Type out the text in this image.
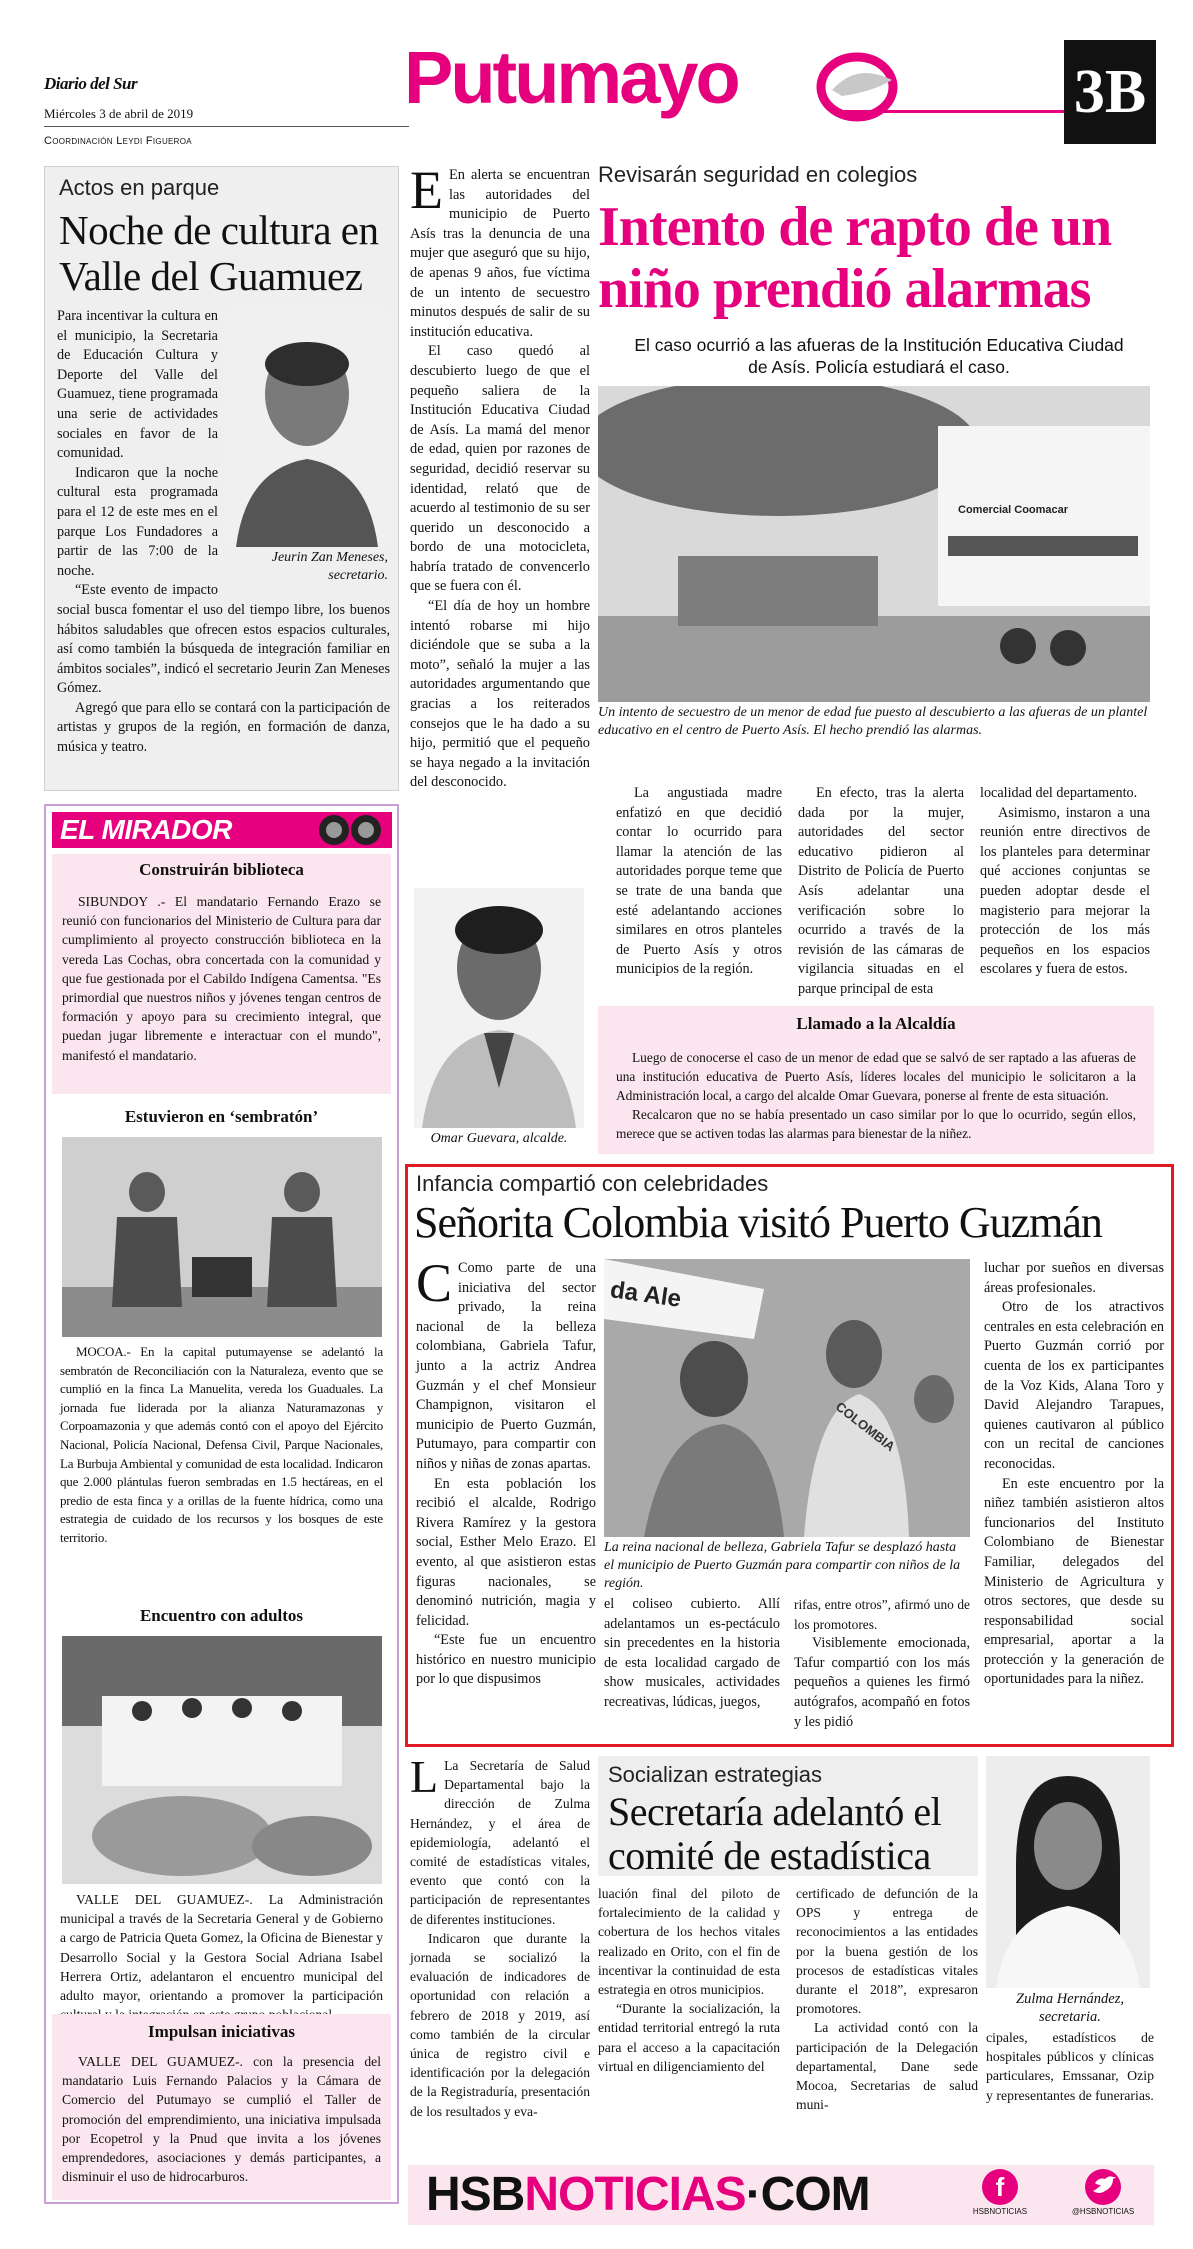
Diario del Sur
Miércoles 3 de abril de 2019
Coordinación Leydi Figueroa
Putumayo	3B
Actos en parque
Noche de cultura en Valle del Guamuez
Jeurin Zan Meneses, secretario.

Para incentivar la cultura en el municipio, la Secretaria de Educación Cultura y Deporte del Valle del Guamuez, tiene programada una serie de actividades sociales en favor de la comunidad.

Indicaron que la noche cultural esta programada para el 12 de este mes en el parque Los Fundadores a partir de las 7:00 de la noche.

“Este evento de impacto social busca fomentar el uso del tiempo libre, los buenos hábitos saludables que ofrecen estos espacios culturales, así como también la búsqueda de integración familiar en ámbitos sociales”, indicó el secretario Jeurin Zan Meneses Gómez.

Agregó que para ello se contará con la participación de artistas y grupos de la región, en formación de danza, música y teatro.

EL MIRADOR
Construirán biblioteca
SIBUNDOY .- El mandatario Fernando Erazo se reunió con funcionarios del Ministerio de Cultura para dar cumplimiento al proyecto construcción biblioteca en la vereda Las Cochas, obra concertada con la comunidad y que fue gestionada por el Cabildo Indígena Camentsa. "Es primordial que nuestros niños y jóvenes tengan centros de formación y apoyo para su crecimiento integral, que puedan jugar libremente e interactuar con el mundo", manifestó el mandatario.
Estuvieron en ‘sembratón’
MOCOA.- En la capital putumayense se adelantó la sembratón de Reconciliación con la Naturaleza, evento que se cumplió en la finca La Manuelita, vereda los Guaduales. La jornada fue liderada por la alianza Naturamazonas y Corpoamazonia y que además contó con el apoyo del Ejército Nacional, Policía Nacional, Defensa Civil, Parque Nacionales, La Burbuja Ambiental y comunidad de esta localidad. Indicaron que 2.000 plántulas fueron sembradas en 1.5 hectáreas, en el predio de esta finca y a orillas de la fuente hídrica, como una estrategia de cuidado de los recursos y los bosques de este territorio.
Encuentro con adultos
VALLE DEL GUAMUEZ-. La Administración municipal a través de la Secretaria General y de Gobierno a cargo de Patricia Queta Gomez, la Oficina de Bienestar y Desarrollo Social y la Gestora Social Adriana Isabel Herrera Ortiz, adelantaron el encuentro municipal del adulto mayor, orientando a promover la participación
Impulsan iniciativas
VALLE DEL GUAMUEZ-. con la presencia del mandatario Luis Fernando Palacios y la Cámara de Comercio del Putumayo se cumplió el Taller de promoción del emprendimiento, una iniciativa impulsada por Ecopetrol y la Pnud que invita a los jóvenes emprendedores, asociaciones y demás participantes, a disminuir el uso de hidrocarburos.

E En alerta se encuentran las autoridades del municipio de Puerto Asís tras la denuncia de una mujer que aseguró que su hijo, de apenas 9 años, fue víctima de un intento de secuestro minutos después de salir de su institución educativa.

El caso quedó al descubierto luego de que el pequeño saliera de la Institución Educativa Ciudad de Asís. La mamá del menor de edad, quien por razones de seguridad, decidió reservar su identidad, relató que de acuerdo al testimonio de su ser querido un desconocido a bordo de una motocicleta, habría tratado de convencerlo que se fuera con él.

“El día de hoy un hombre intentó robarse mi hijo diciéndole que se suba a la moto”, señaló la mujer a las autoridades argumentando que gracias a los reiterados consejos que le ha dado a su hijo, permitió que el pequeño se haya negado a la invitación del desconocido.

Omar Guevara, alcalde.
Revisarán seguridad en colegios
Intento de rapto de un niño prendió alarmas
El caso ocurrió a las afueras de la Institución Educativa Ciudad de Asís. Policía estudiará el caso.
Comercial Coomacar
Un intento de secuestro de un menor de edad fue puesto al descubierto a las afueras de un plantel educativo en el centro de Puerto Asís. El hecho prendió las alarmas.
La angustiada madre enfatizó en que decidió contar lo ocurrido para llamar la atención de las autoridades porque teme que se trate de una banda que esté adelantando acciones similares en otros planteles de Puerto Asís y otros municipios de la región.
En efecto, tras la alerta dada por la mujer, autoridades del sector educativo pidieron al Distrito de Policía de Puerto Asís adelantar una verificación sobre lo ocurrido a través de la revisión de las cámaras de vigilancia situadas en el parque principal de esta

localidad del departamento.

Asimismo, instaron a una reunión entre directivos de los planteles para determinar qué acciones conjuntas se pueden adoptar desde el magisterio para mejorar la protección de los más pequeños en los espacios escolares y fuera de estos.

Llamado a la Alcaldía
Luego de conocerse el caso de un menor de edad que se salvó de ser raptado a las afueras de una institución educativa de Puerto Asís, líderes locales del municipio le solicitaron a la Administración local, a cargo del alcalde Omar Guevara, ponerse al frente de esta situación.
Recalcaron que no se había presentado un caso similar por lo que lo ocurrido, según ellos, merece que se activen todas las alarmas para bienestar de la niñez.
Infancia compartió con celebridades
Señorita Colombia visitó Puerto Guzmán

C Como parte de una iniciativa del sector privado, la reina nacional de la belleza colombiana, Gabriela Tafur, junto a la actriz Andrea Guzmán y el chef Monsieur Champignon, visitaron el municipio de Puerto Guzmán, Putumayo, para compartir con niños y niñas de zonas apartas.

En esta población los recibió el alcalde, Rodrigo Rivera Ramírez y la gestora social, Esther Melo Erazo. El evento, al que asistieron estas figuras nacionales, se denominó nutrición, magia y felicidad.

“Este fue un encuentro histórico en nuestro municipio por lo que dispusimos

da Ale
COLOMBIA
La reina nacional de belleza, Gabriela Tafur se desplazó hasta el municipio de Puerto Guzmán para compartir con niños de la región.
el coliseo cubierto. Allí adelantamos un es-pectáculo sin precedentes en la historia de esta localidad cargado de show musicales, actividades recreativas, lúdicas, juegos,

rifas, entre otros”, afirmó uno de los promotores.

Visiblemente emocionada, Tafur compartió con los más pequeños a quienes les firmó autógrafos, acompañó en fotos y les pidió

luchar por sueños en diversas áreas profesionales.

Otro de los atractivos centrales en esta celebración en Puerto Guzmán corrió por cuenta de los ex participantes de la Voz Kids, Alana Toro y David Alejandro Tarapues, quienes cautivaron al público con un recital de canciones reconocidas.

En este encuentro por la niñez también asistieron altos funcionarios del Instituto Colombiano de Bienestar Familiar, delegados del Ministerio de Agricultura y otros sectores, que desde su responsabilidad social empresarial, aportar a la protección y la generación de oportunidades para la niñez.

L La Secretaría de Salud Departamental bajo la dirección de Zulma Hernández, y el área de epidemiología, adelantó el comité de estadísticas vitales, evento que contó con la participación de representantes de diferentes instituciones.

Indicaron que durante la jornada se socializó la evaluación de indicadores de oportunidad con relación a febrero de 2018 y 2019, así como también de la circular única de registro civil e identificación por la delegación de la Registraduría, presentación de los resultados y eva-

Socializan estrategias
Secretaría adelantó el comité de estadística

luación final del piloto de fortalecimiento de la calidad y cobertura de los hechos vitales realizado en Orito, con el fin de incentivar la continuidad de esta estrategia en otros municipios.

“Durante la socialización, la entidad territorial entregó la ruta para el acceso a la capacitación virtual en diligenciamiento del

certificado de defunción de la OPS y entrega de reconocimientos a las entidades por la buena gestión de los procesos de estadísticas vitales durante el 2018”, expresaron promotores.

La actividad contó con la participación de la Delegación departamental, Dane sede Mocoa, Secretarias de salud muni-

Zulma Hernández, secretaria.
cipales, estadísticos de hospitales públicos y clínicas particulares, Emssanar, Ozip y representantes de funerarias.
HSBNOTICIAS·COM	f
HSBNOTICIAS	@HSBNOTICIAS
